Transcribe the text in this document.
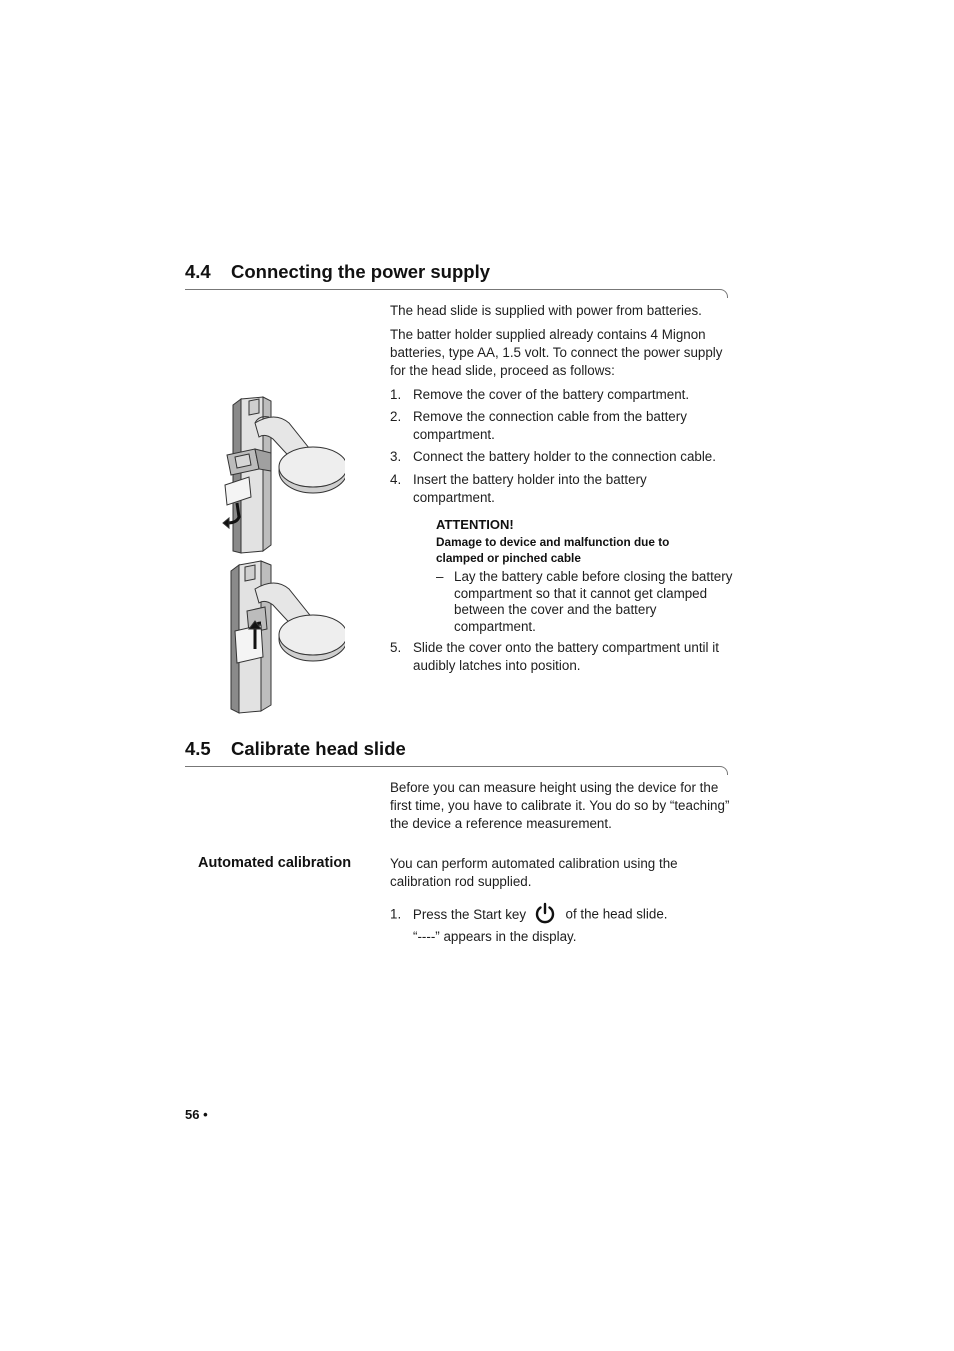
4.4 Connecting the power supply
The head slide is supplied with power from batteries.
The batter holder supplied already contains 4 Mignon batteries, type AA, 1.5 volt. To connect the power supply for the head slide, proceed as follows:
1. Remove the cover of the battery compartment.
2. Remove the connection cable from the battery compartment.
3. Connect the battery holder to the connection cable.
4. Insert the battery holder into the battery compartment.
ATTENTION!
Damage to device and malfunction due to clamped or pinched cable
– Lay the battery cable before closing the battery compartment so that it cannot get clamped between the cover and the battery compartment.
5. Slide the cover onto the battery compartment until it audibly latches into position.
4.5 Calibrate head slide
Before you can measure height using the device for the first time, you have to calibrate it. You do so by “teaching” the device a reference measurement.
Automated calibration	You can perform automated calibration using the calibration rod supplied.
1. Press the Start key	of the head slide.
“----” appears in the display.
56 •
